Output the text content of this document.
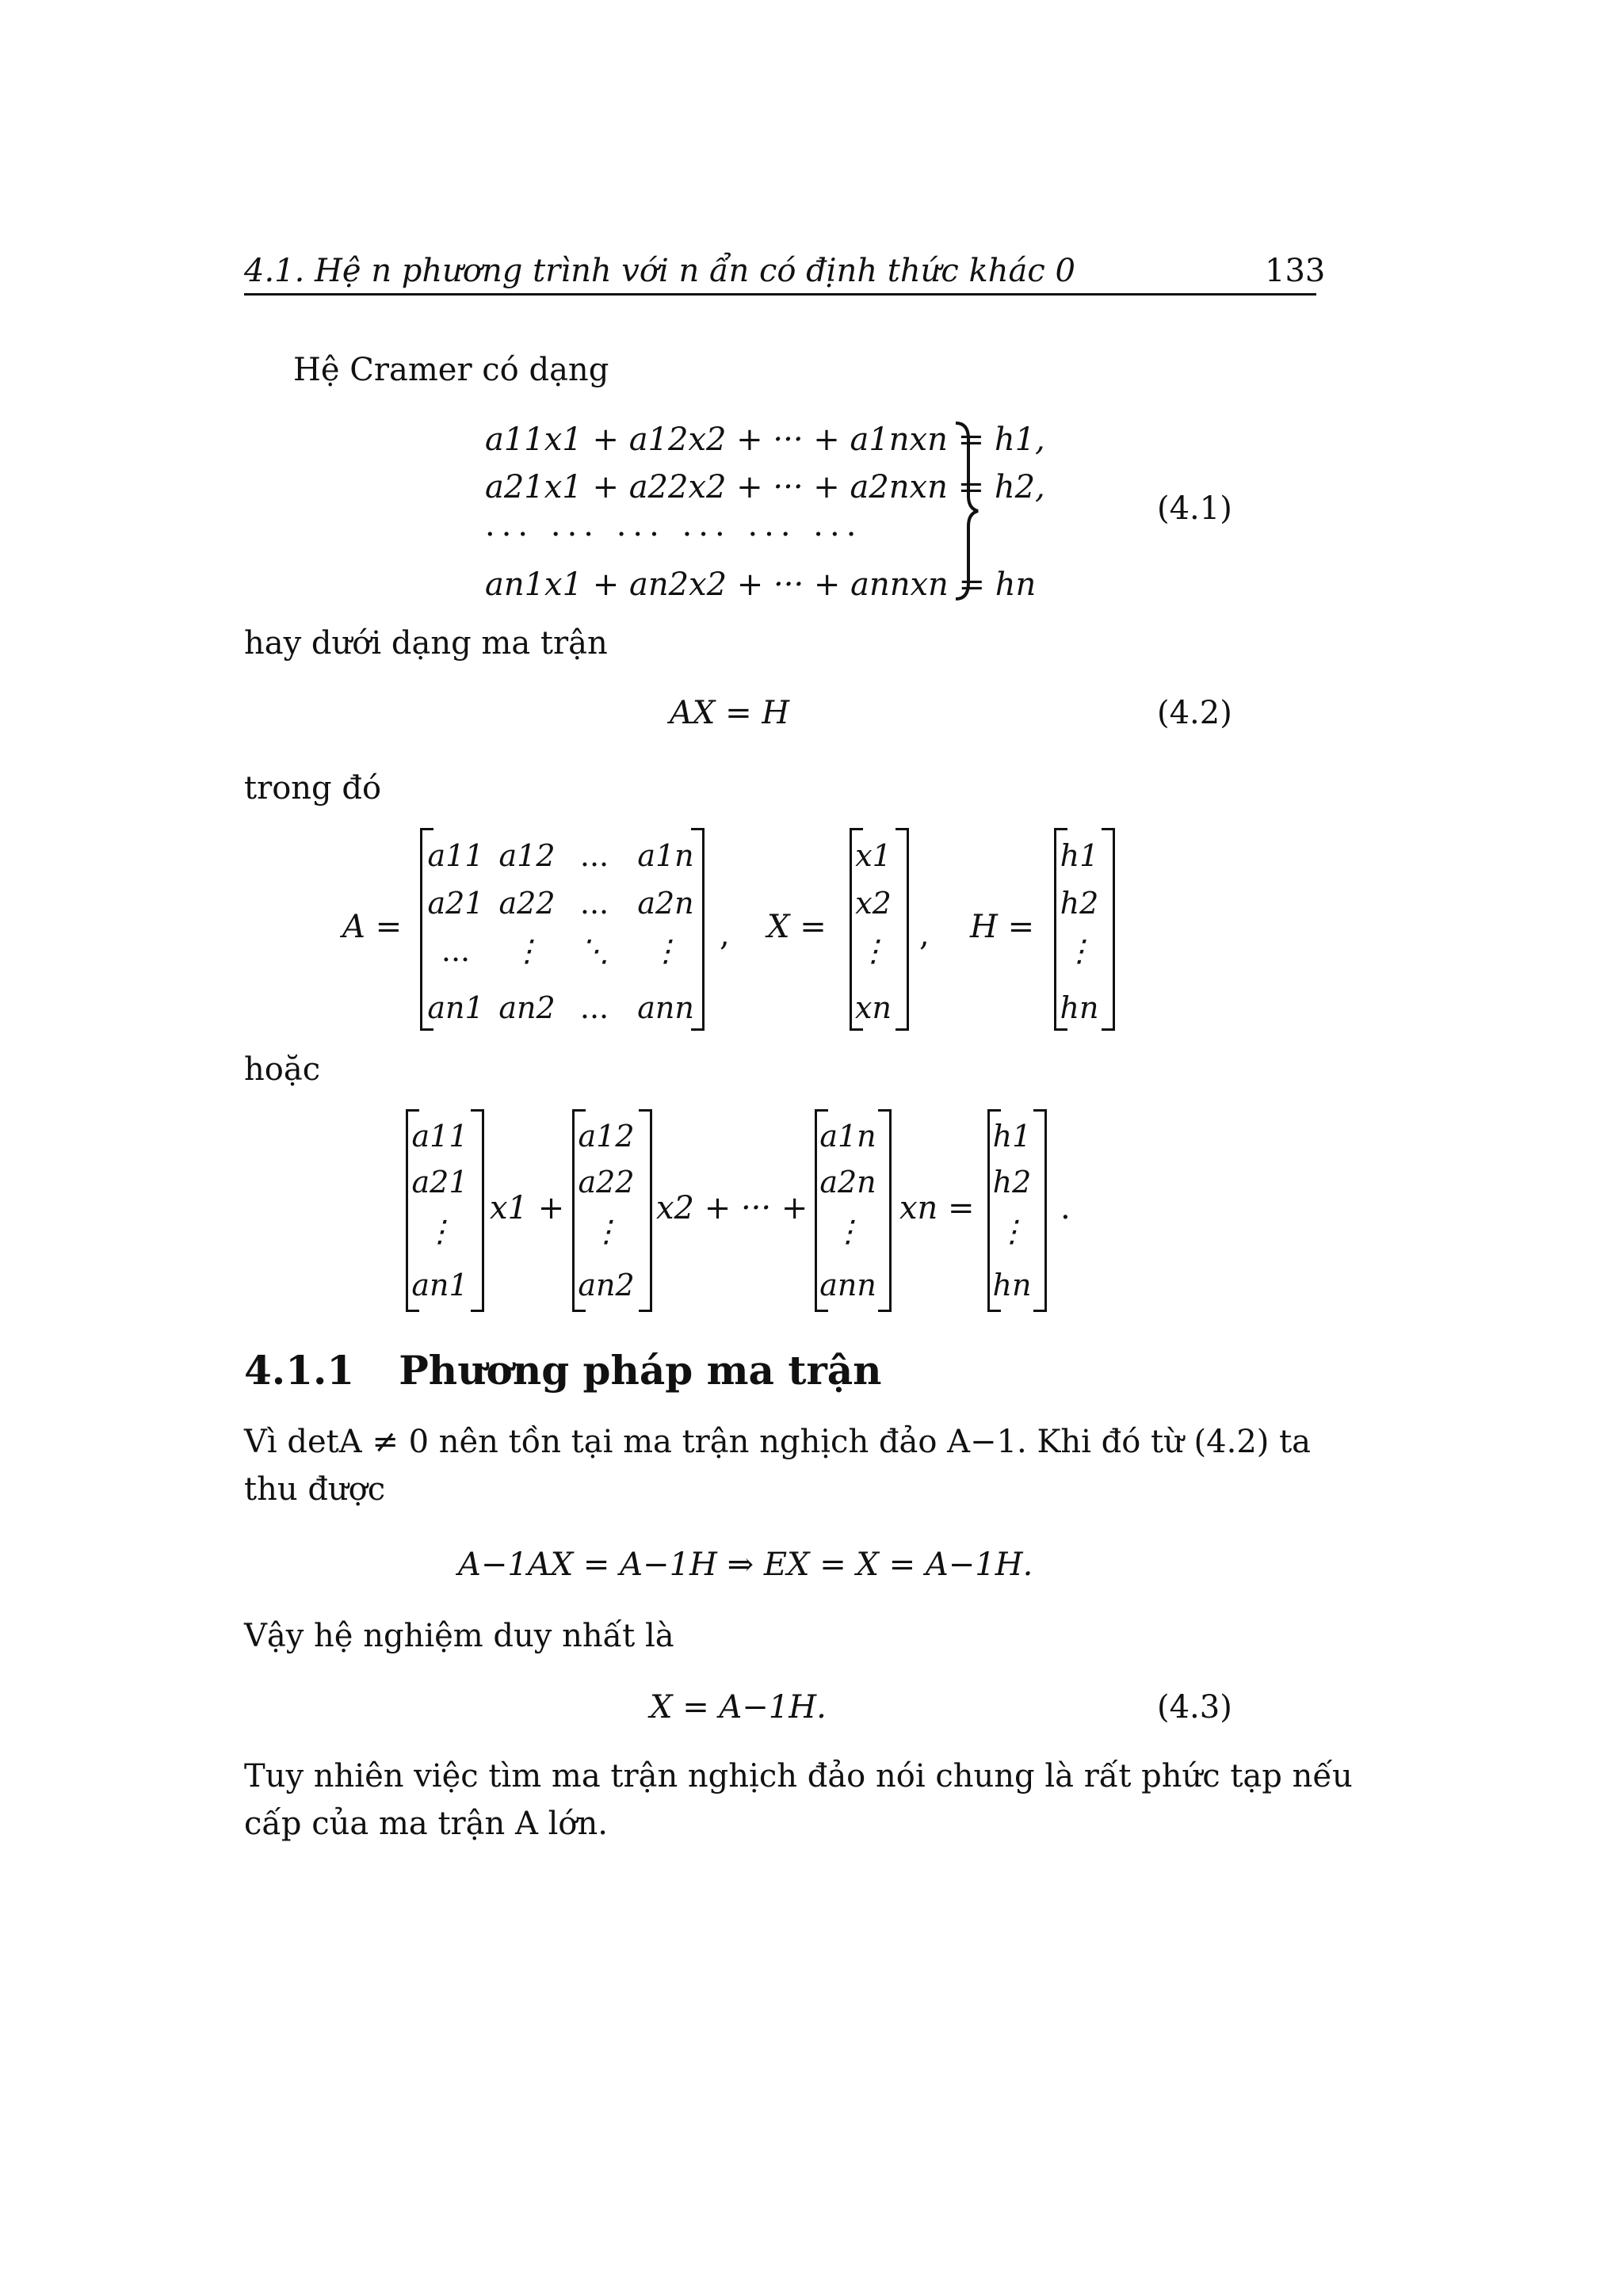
4.1. Hệ n phương trình với n ẩn có định thức khác 0	133
Hệ Cramer có dạng
a11x1 + a12x2 + ··· + a1nxn = h1,
a21x1 + a22x2 + ··· + a2nxn = h2,
··· ··· ··· ··· ··· ···
an1x1 + an2x2 + ··· + annxn = hn
(4.1)
hay dưới dạng ma trận
AX = H	(4.2)
trong đó
A =	, X =	, H =
hoặc
x1 +	x2 + ··· +	xn =	.
4.1.1 Phương pháp ma trận
Vì detA ≠ 0 nên tồn tại ma trận nghịch đảo A−1. Khi đó từ (4.2) ta
thu được
A−1AX = A−1H ⇒ EX = X = A−1H.
Vậy hệ nghiệm duy nhất là
X = A−1H.	(4.3)
Tuy nhiên việc tìm ma trận nghịch đảo nói chung là rất phức tạp nếu
cấp của ma trận A lớn.
a11 a12 ... a1n
a21 a22 ... a2n
... ⋮ ⋱ ⋮
an1 an2 ... ann
x1
x2
⋮
xn
h1
h2
⋮
hn
a11
a21
⋮
an1
a12
a22
⋮
an2
a1n
a2n
⋮
ann
h1
h2
⋮
hn
